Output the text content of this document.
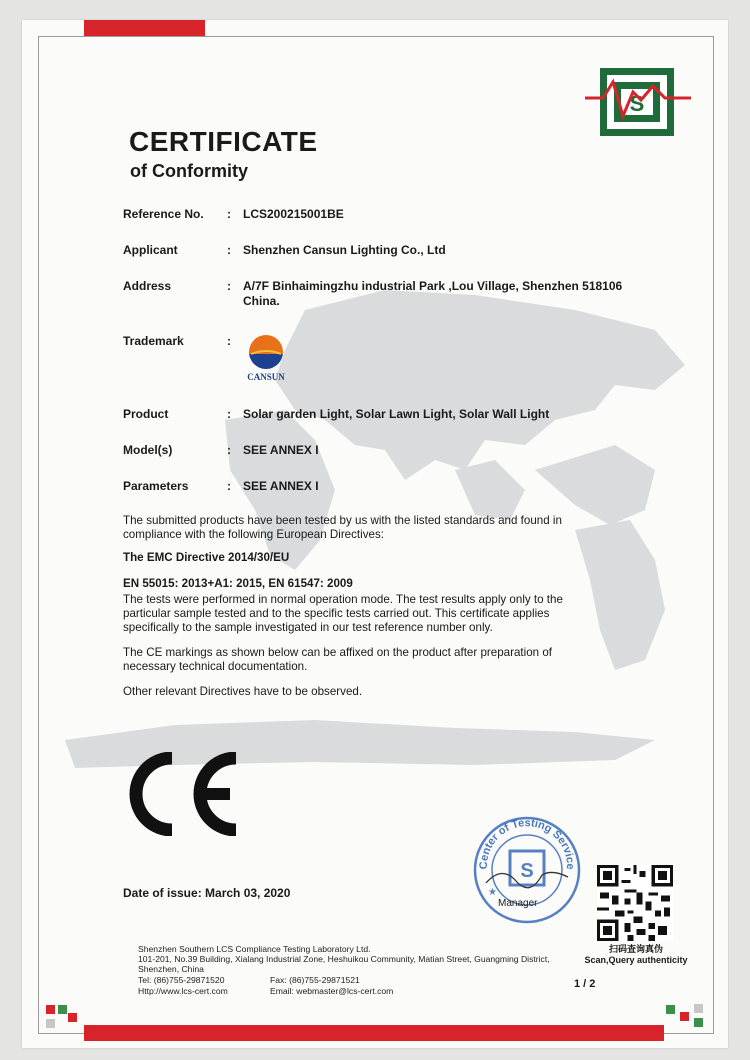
S
CERTIFICATE
of Conformity
Reference No. : LCS200215001BE
Applicant	: Shenzhen Cansun Lighting Co., Ltd
Address	: A/7F Binhaimingzhu industrial Park ,Lou Village, Shenzhen 518106
China.
Trademark	:
CANSUN
Product	: Solar garden Light, Solar Lawn Light, Solar Wall Light
Model(s)	: SEE ANNEX I
Parameters	: SEE ANNEX I
The submitted products have been tested by us with the listed standards and found in
compliance with the following European Directives:
The EMC Directive 2014/30/EU
EN 55015: 2013+A1: 2015, EN 61547: 2009
The tests were performed in normal operation mode. The test results apply only to the
particular sample tested and to the specific tests carried out. This certificate applies
specifically to the sample investigated in our test reference number only.
The CE markings as shown below can be affixed on the product after preparation of
necessary technical documentation.
Other relevant Directives have to be observed.
Center of Testing Service
S
★
Manager
扫码查询真伪
Scan,Query authenticity
Date of issue: March 03, 2020
Shenzhen Southern LCS Compliance Testing Laboratory Ltd.
101-201, No.39 Building, Xialang Industrial Zone, Heshuikou Community, Matian Street, Guangming District,
Shenzhen, China
Tel: (86)755-29871520	Fax: (86)755-29871521
Http://www.lcs-cert.com	Email: webmaster@lcs-cert.com
1 / 2
